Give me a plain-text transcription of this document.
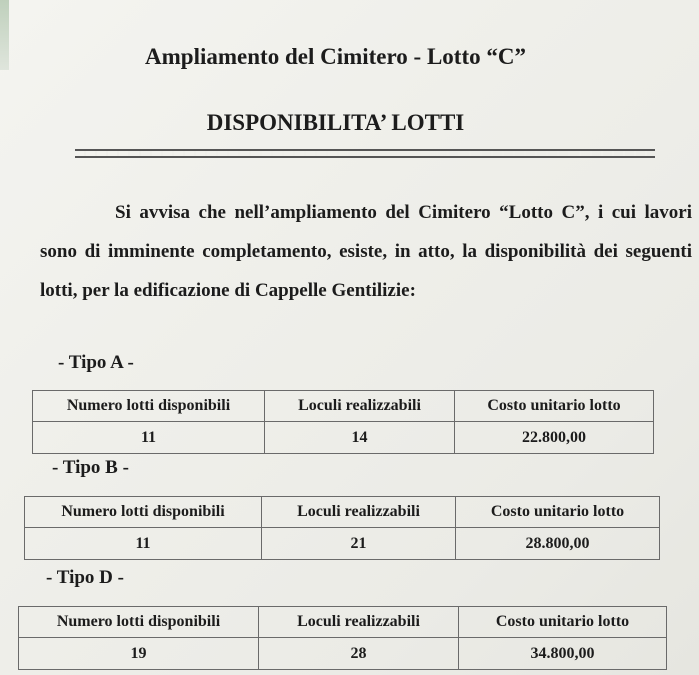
Ampliamento del Cimitero - Lotto “C”
DISPONIBILITA’ LOTTI

Si avvisa che nell’ampliamento del Cimitero “Lotto C”, i cui lavori sono di imminente completamento, esiste, in atto, la disponibilità dei seguenti lotti, per la edificazione di Cappelle Gentilizie:

- Tipo A -

Numero lotti disponibili	Loculi realizzabili	Costo unitario lotto
11	14	22.800,00

- Tipo B -

Numero lotti disponibili	Loculi realizzabili	Costo unitario lotto
11	21	28.800,00

- Tipo D -

Numero lotti disponibili	Loculi realizzabili	Costo unitario lotto
19	28	34.800,00
